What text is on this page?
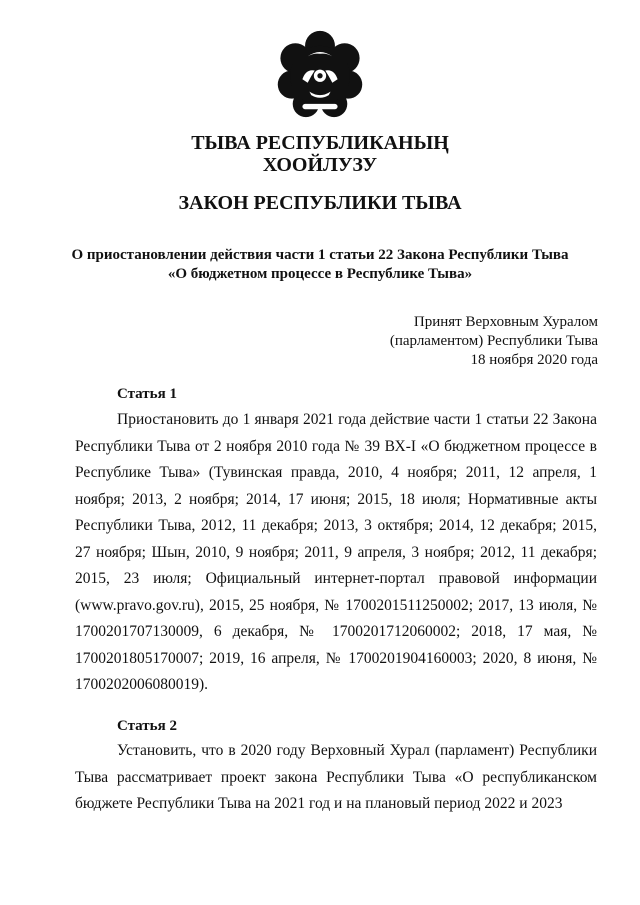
ТЫВА РЕСПУБЛИКАНЫҢ
ХООЙЛУЗУ
ЗАКОН РЕСПУБЛИКИ ТЫВА
О приостановлении действия части 1 статьи 22 Закона Республики Тыва
«О бюджетном процессе в Республике Тыва»
Принят Верховным Хуралом
(парламентом) Республики Тыва
18 ноября 2020 года
Статья 1

Приостановить до 1 января 2021 года действие части 1 статьи 22 Закона Республики Тыва от 2 ноября 2010 года № 39 ВХ-I «О бюджетном процессе в Республике Тыва» (Тувинская правда, 2010, 4 ноября; 2011, 12 апреля, 1 ноября; 2013, 2 ноября; 2014, 17 июня; 2015, 18 июля; Нормативные акты Республики Тыва, 2012, 11 декабря; 2013, 3 октября; 2014, 12 декабря; 2015, 27 ноября; Шын, 2010, 9 ноября; 2011, 9 апреля, 3 ноября; 2012, 11 декабря; 2015, 23 июля; Официальный интернет-портал правовой информации (www.pravo.gov.ru), 2015, 25 ноября, № 1700201511250002; 2017, 13 июля, № 1700201707130009, 6 декабря, № 1700201712060002; 2018, 17 мая, № 1700201805170007; 2019, 16 апреля, № 1700201904160003; 2020, 8 июня, № 1700202006080019).

Статья 2

Установить, что в 2020 году Верховный Хурал (парламент) Республики Тыва рассматривает проект закона Республики Тыва «О республиканском бюджете Республики Тыва на 2021 год и на плановый период 2022 и 2023
